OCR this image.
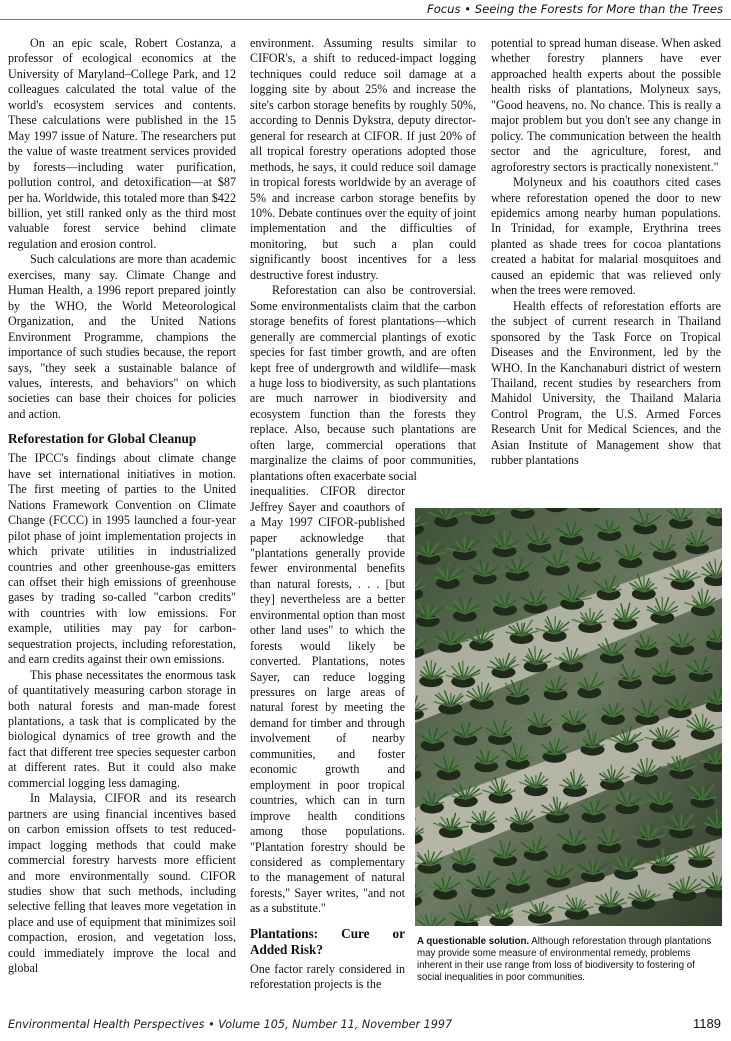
Focus • Seeing the Forests for More than the Trees

On an epic scale, Robert Costanza, a professor of ecological economics at the University of Maryland–College Park, and 12 colleagues calculated the total value of the world's ecosystem services and contents. These calculations were published in the 15 May 1997 issue of Nature. The researchers put the value of waste treatment services provided by forests—including water purification, pollution control, and detoxification—at $87 per ha. Worldwide, this totaled more than $422 billion, yet still ranked only as the third most valuable forest service behind climate regulation and erosion control.

Such calculations are more than academic exercises, many say. Climate Change and Human Health, a 1996 report prepared jointly by the WHO, the World Meteorological Organization, and the United Nations Environment Programme, champions the importance of such studies because, the report says, "they seek a sustainable balance of values, interests, and behaviors" on which societies can base their choices for policies and action.

Reforestation for Global Cleanup

The IPCC's findings about climate change have set international initiatives in motion. The first meeting of parties to the United Nations Framework Convention on Climate Change (FCCC) in 1995 launched a four-year pilot phase of joint implementation projects in which private utilities in industrialized countries and other greenhouse-gas emitters can offset their high emissions of greenhouse gases by trading so-called "carbon credits" with countries with low emissions. For example, utilities may pay for carbon-sequestration projects, including reforestation, and earn credits against their own emissions.

This phase necessitates the enormous task of quantitatively measuring carbon storage in both natural forests and man-made forest plantations, a task that is complicated by the biological dynamics of tree growth and the fact that different tree species sequester carbon at different rates. But it could also make commercial logging less damaging.

In Malaysia, CIFOR and its research partners are using financial incentives based on carbon emission offsets to test reduced-impact logging methods that could make commercial forestry harvests more efficient and more environmentally sound. CIFOR studies show that such methods, including selective felling that leaves more vegetation in place and use of equipment that minimizes soil compaction, erosion, and vegetation loss, could immediately improve the local and global

environment. Assuming results similar to CIFOR's, a shift to reduced-impact logging techniques could reduce soil damage at a logging site by about 25% and increase the site's carbon storage benefits by roughly 50%, according to Dennis Dykstra, deputy director-general for research at CIFOR. If just 20% of all tropical forestry operations adopted those methods, he says, it could reduce soil damage in tropical forests worldwide by an average of 5% and increase carbon storage benefits by 10%. Debate continues over the equity of joint implementation and the difficulties of monitoring, but such a plan could significantly boost incentives for a less destructive forest industry.

Reforestation can also be controversial. Some environmentalists claim that the carbon storage benefits of forest plantations—which generally are commercial plantings of exotic species for fast timber growth, and are often kept free of undergrowth and wildlife—mask a huge loss to biodiversity, as such plantations are much narrower in biodiversity and ecosystem function than the forests they replace. Also, because such plantations are often large, commercial operations that marginalize the claims of poor communities, plantations often exacerbate social

inequalities. CIFOR director Jeffrey Sayer and coauthors of a May 1997 CIFOR-published paper acknowledge that "plantations generally provide fewer environmental benefits than natural forests, . . . [but they] nevertheless are a better environmental option than most other land uses" to which the forests would likely be converted. Plantations, notes Sayer, can reduce logging pressures on large areas of natural forest by meeting the demand for timber and through involvement of nearby communities, and foster economic growth and employment in poor tropical countries, which can in turn improve health conditions among those populations. "Plantation forestry should be considered as complementary to the management of natural forests," Sayer writes, "and not as a substitute."

Plantations: Cure or Added Risk?

One factor rarely considered in reforestation projects is the

potential to spread human disease. When asked whether forestry planners have ever approached health experts about the possible health risks of plantations, Molyneux says, "Good heavens, no. No chance. This is really a major problem but you don't see any change in policy. The communication between the health sector and the agriculture, forest, and agroforestry sectors is practically nonexistent."

Molyneux and his coauthors cited cases where reforestation opened the door to new epidemics among nearby human populations. In Trinidad, for example, Erythrina trees planted as shade trees for cocoa plantations created a habitat for malarial mosquitoes and caused an epidemic that was relieved only when the trees were removed.

Health effects of reforestation efforts are the subject of current research in Thailand sponsored by the Task Force on Tropical Diseases and the Environment, led by the WHO. In the Kanchanaburi district of western Thailand, recent studies by researchers from Mahidol University, the Thailand Malaria Control Program, the U.S. Armed Forces Research Unit for Medical Sciences, and the Asian Institute of Management show that rubber plantations

A questionable solution. Although reforestation through plantations may provide some measure of environmental remedy, problems inherent in their use range from loss of biodiversity to fostering of social inequalities in poor communities.
Environmental Health Perspectives • Volume 105, Number 11, November 1997	1189
